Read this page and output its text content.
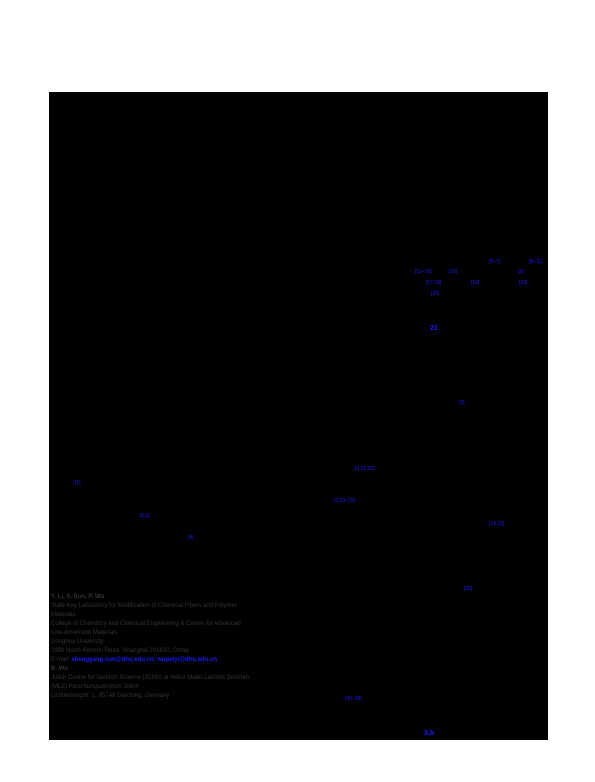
[5–7]	[8–11]
[13–16]	[10]	[5]
[17,18]	[18]	[19]
[20]
21
[3]
[3,21,22]
[1]
[3,23–25]
[5,6]
[14,22]
[4]
[26]
Y. Li, S. Sun, P. Wu
State Key Laboratory for Modification of Chemical Fibers and Polymer
Materials
College of Chemistry and Chemical Engineering & Center for Advanced
Low-dimension Materials
Donghua University
2999 North Renmin Road, Shanghai 201620, China
E-mail: shenggang.sun@dhu.edu.cn; wupeiyi@dhu.edu.cn
B. Wu
Jülich Centre for Neutron Science (JCNS) at Heinz Maier-Leibnitz Zentrum
(MLZ) Forschungszentrum Jülich
Lichtenbergstr. 1, 85748 Garching, Germany	[45–28]
3,b
